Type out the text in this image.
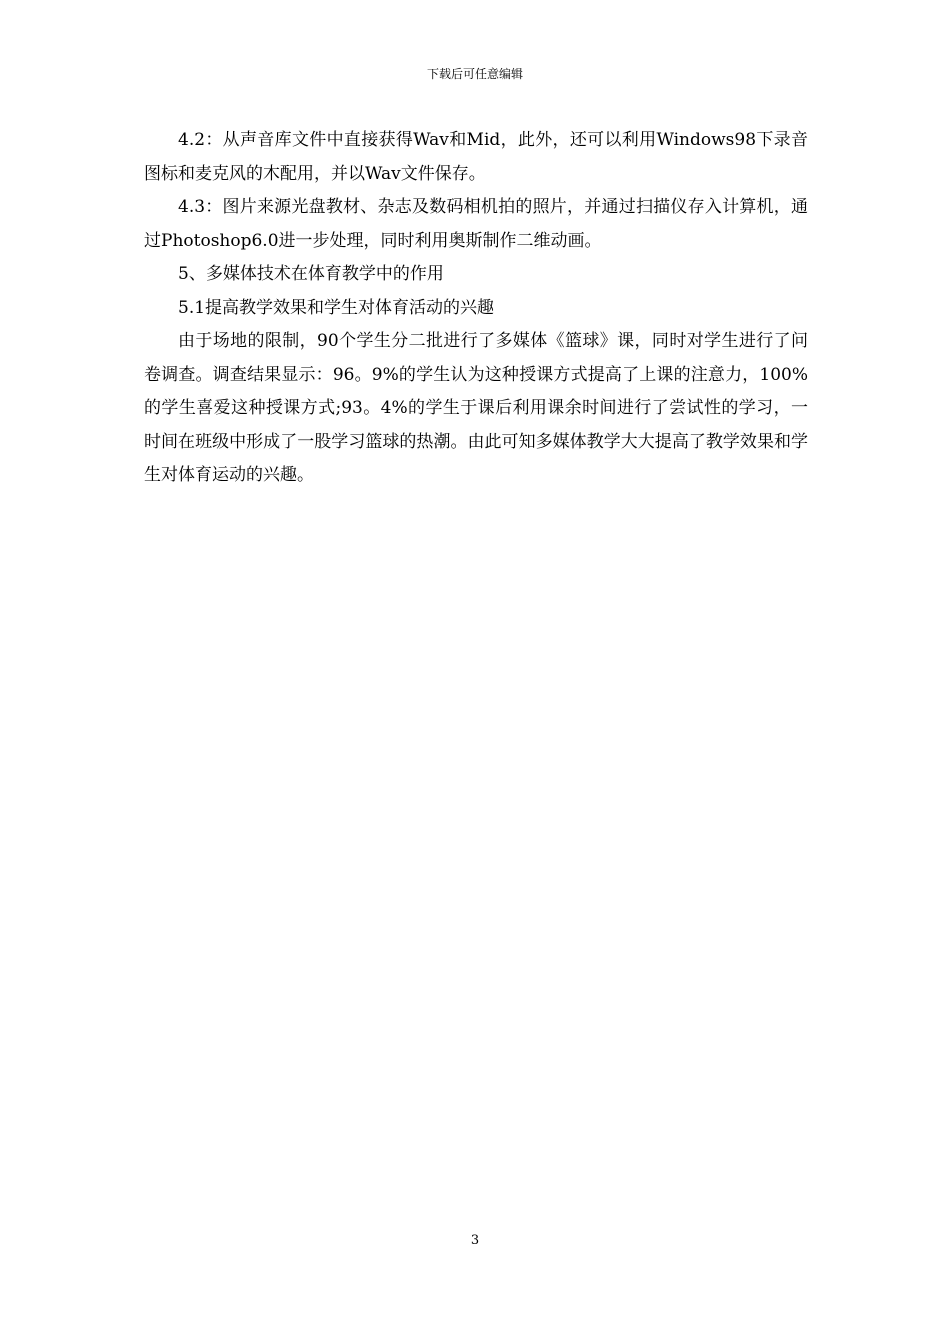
下载后可任意编辑

4.2：从声音库文件中直接获得Wav和Mid，此外，还可以利用Windows98下录音图标和麦克风的木配用，并以Wav文件保存。

4.3：图片来源光盘教材、杂志及数码相机拍的照片，并通过扫描仪存入计算机，通过Photoshop6.0进一步处理，同时利用奥斯制作二维动画。

5、多媒体技术在体育教学中的作用

5.1提高教学效果和学生对体育活动的兴趣

由于场地的限制，90个学生分二批进行了多媒体《篮球》课，同时对学生进行了问卷调查。调查结果显示：96。9%的学生认为这种授课方式提高了上课的注意力，100%的学生喜爱这种授课方式;93。4%的学生于课后利用课余时间进行了尝试性的学习，一时间在班级中形成了一股学习篮球的热潮。由此可知多媒体教学大大提高了教学效果和学生对体育运动的兴趣。

3
